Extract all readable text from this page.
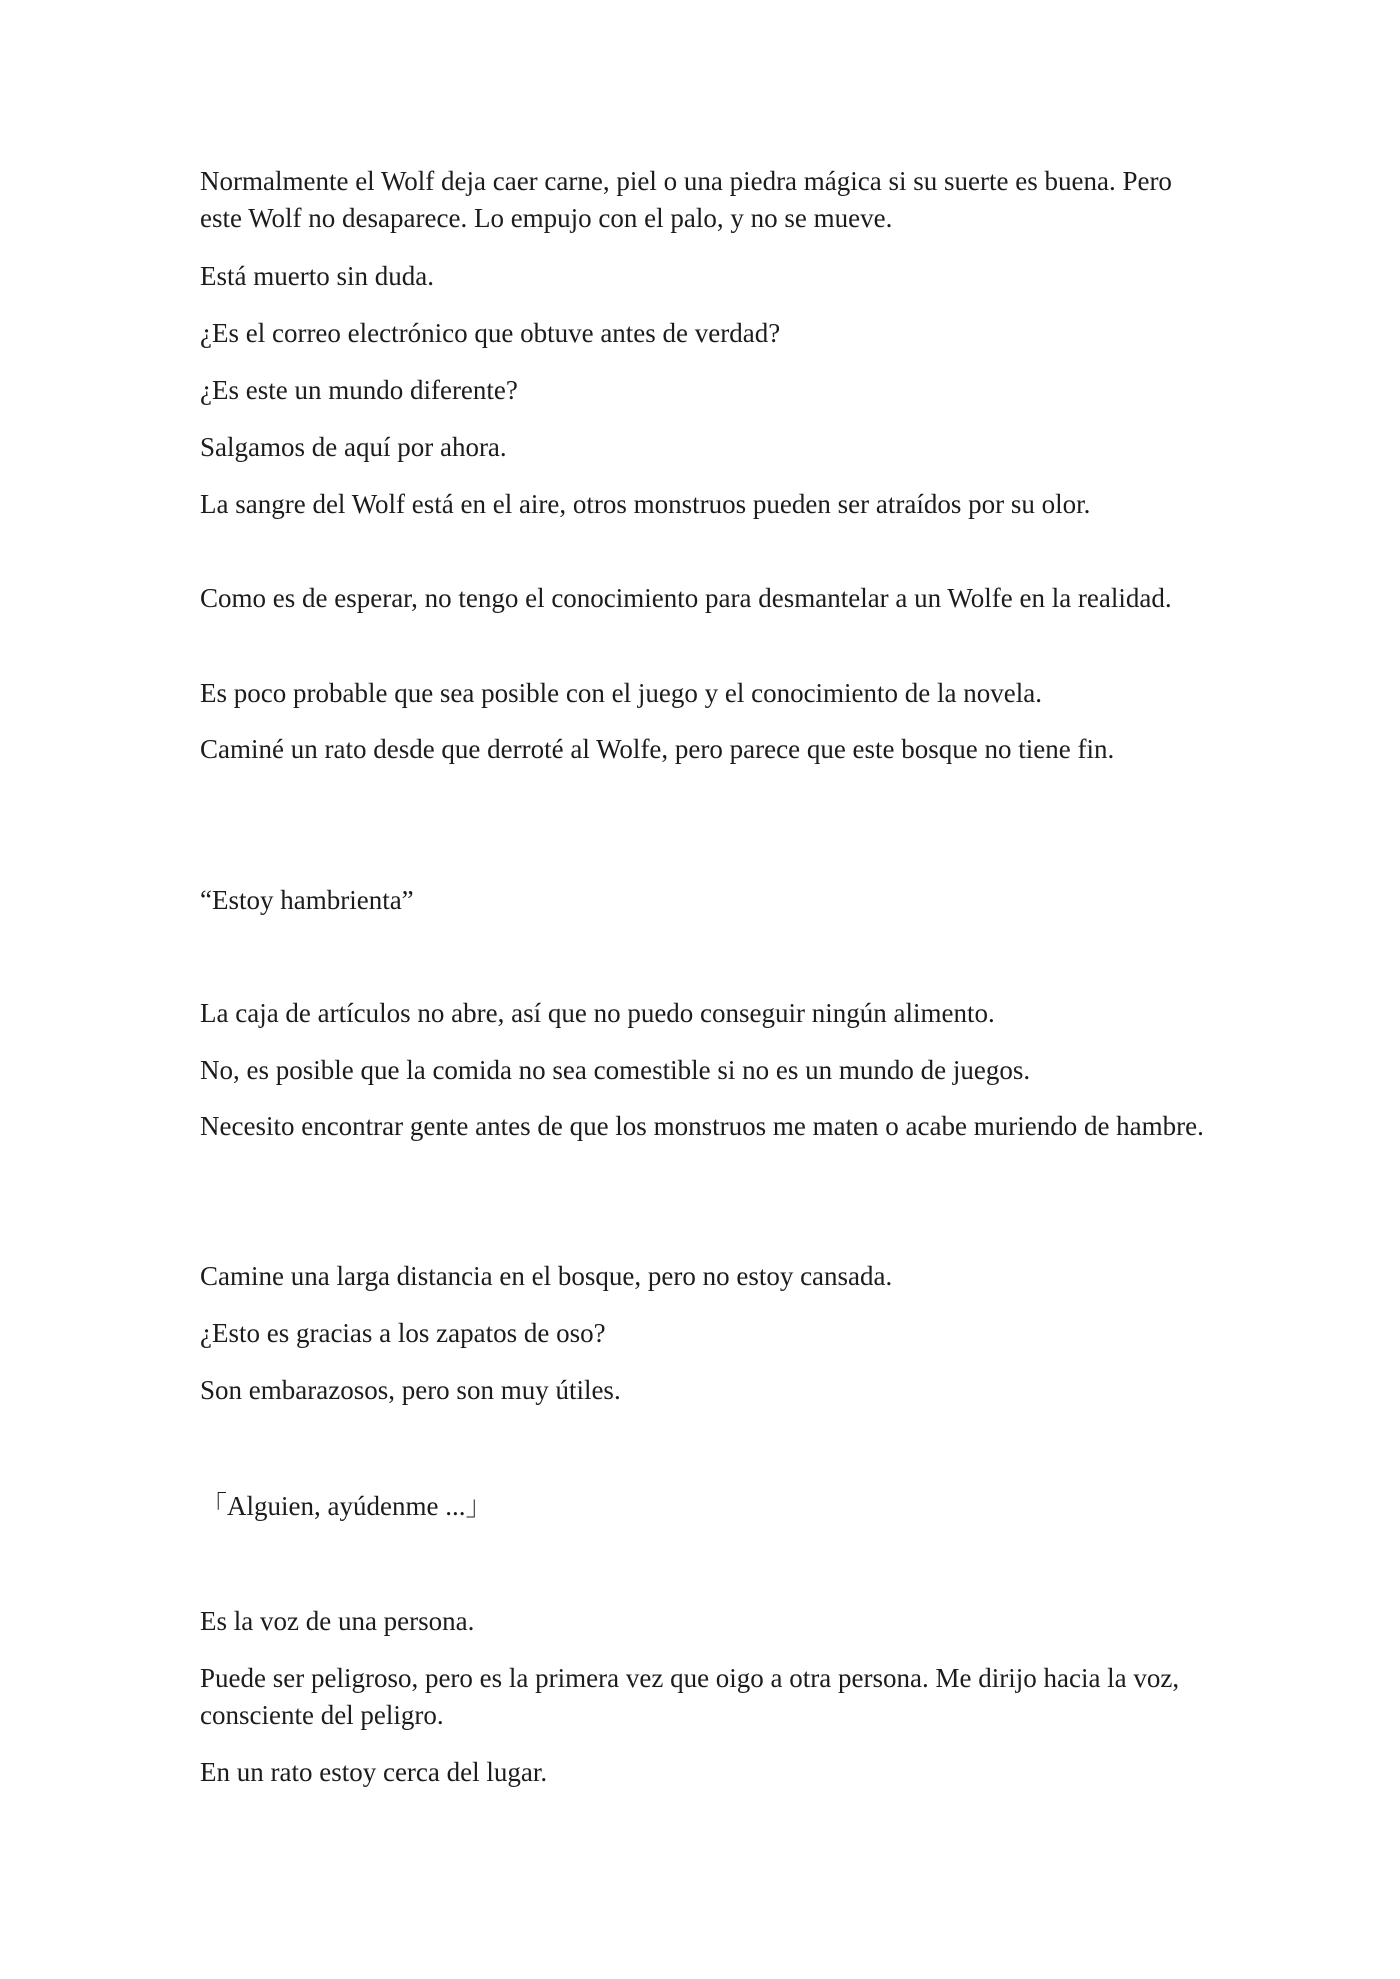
Normalmente el Wolf deja caer carne, piel o una piedra mágica si su suerte es buena. Pero este Wolf no desaparece. Lo empujo con el palo, y no se mueve.

Está muerto sin duda.

¿Es el correo electrónico que obtuve antes de verdad?

¿Es este un mundo diferente?

Salgamos de aquí por ahora.

La sangre del Wolf está en el aire, otros monstruos pueden ser atraídos por su olor.

Como es de esperar, no tengo el conocimiento para desmantelar a un Wolfe en la realidad.

Es poco probable que sea posible con el juego y el conocimiento de la novela.

Caminé un rato desde que derroté al Wolfe, pero parece que este bosque no tiene fin.

“Estoy hambrienta”

La caja de artículos no abre, así que no puedo conseguir ningún alimento.

No, es posible que la comida no sea comestible si no es un mundo de juegos.

Necesito encontrar gente antes de que los monstruos me maten o acabe muriendo de hambre.

Camine una larga distancia en el bosque, pero no estoy cansada.

¿Esto es gracias a los zapatos de oso?

Son embarazosos, pero son muy útiles.

「Alguien, ayúdenme ...」

Es la voz de una persona.

Puede ser peligroso, pero es la primera vez que oigo a otra persona. Me dirijo hacia la voz, consciente del peligro.

En un rato estoy cerca del lugar.
